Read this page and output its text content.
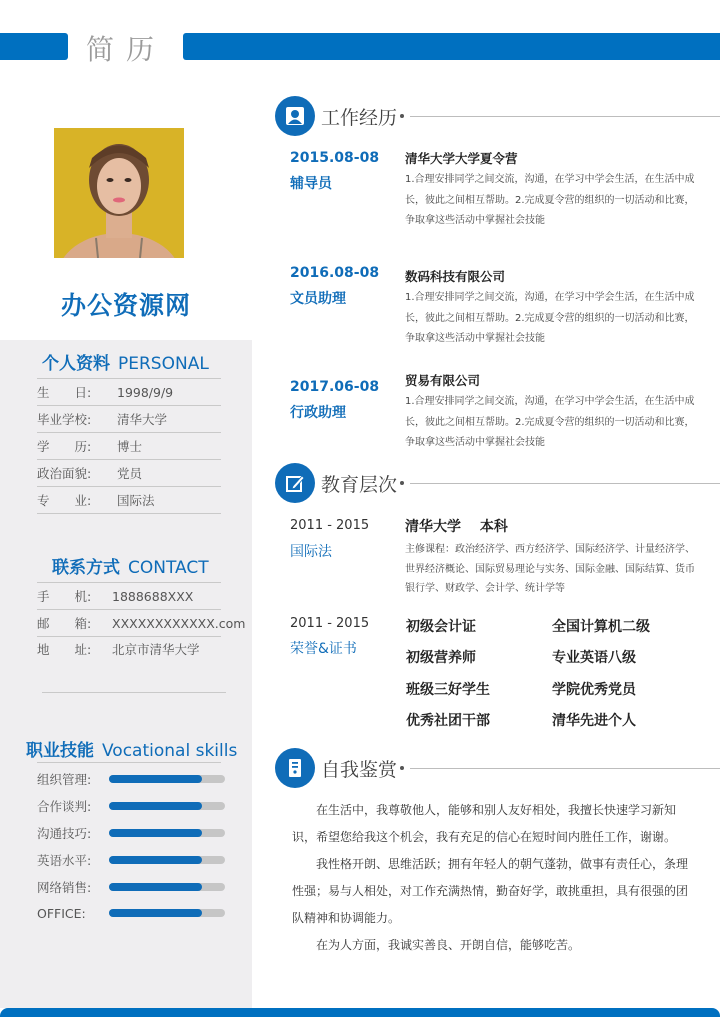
简历
办公资源网
个人资料 PERSONAL
生　　日:	1998/9/9
毕业学校:	清华大学
学　　历:	博士
政治面貌:	党员
专　　业:	国际法
联系方式 CONTACT
手　　机:	1888688XXX
邮　　箱:	XXXXXXXXXXXX.com
地　　址:	北京市清华大学
职业技能 Vocational skills
组织管理:
合作谈判:
沟通技巧:
英语水平:
网络销售:
OFFICE:
工作经历
2015.08-08
辅导员
清华大学大学夏令营
1.合理安排同学之间交流，沟通，在学习中学会生活，在生活中成长，彼此之间相互帮助。2.完成夏令营的组织的一切活动和比赛，争取拿这些活动中掌握社会技能
2016.08-08
文员助理
数码科技有限公司
1.合理安排同学之间交流，沟通，在学习中学会生活，在生活中成长，彼此之间相互帮助。2.完成夏令营的组织的一切活动和比赛，争取拿这些活动中掌握社会技能
2017.06-08
行政助理
贸易有限公司
1.合理安排同学之间交流，沟通，在学习中学会生活，在生活中成长，彼此之间相互帮助。2.完成夏令营的组织的一切活动和比赛，争取拿这些活动中掌握社会技能
教育层次
2011 - 2015
国际法
清华大学 本科
主修课程：政治经济学、西方经济学、国际经济学、计量经济学、世界经济概论、国际贸易理论与实务、国际金融、国际结算、货币银行学、财政学、会计学、统计学等
2011 - 2015
荣誉&证书
初级会计证	全国计算机二级
初级营养师	专业英语八级
班级三好学生	学院优秀党员
优秀社团干部	清华先进个人
自我鉴赏

在生活中，我尊敬他人，能够和别人友好相处，我擅长快速学习新知识，希望您给我这个机会，我有充足的信心在短时间内胜任工作，谢谢。

我性格开朗、思维活跃；拥有年轻人的朝气蓬勃，做事有责任心，条理性强；易与人相处，对工作充满热情，勤奋好学，敢挑重担，具有很强的团队精神和协调能力。

在为人方面，我诚实善良、开朗自信，能够吃苦。
